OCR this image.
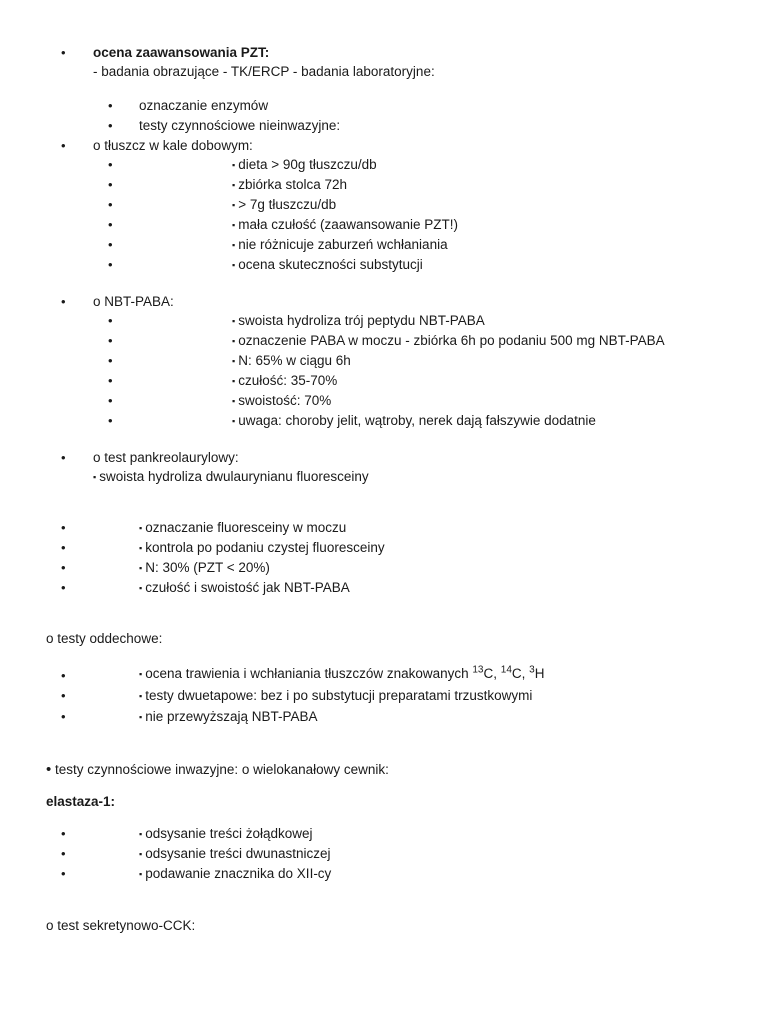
• ocena zaawansowania PZT:
- badania obrazujące - TK/ERCP - badania laboratoryjne:
• oznaczanie enzymów
• testy czynnościowe nieinwazyjne:
• o tłuszcz w kale dobowym:
•	▪ dieta > 90g tłuszczu/db
•	▪ zbiórka stolca 72h
•	▪ > 7g tłuszczu/db
•	▪ mała czułość (zaawansowanie PZT!)
•	▪ nie różnicuje zaburzeń wchłaniania
•	▪ ocena skuteczności substytucji
• o NBT-PABA:
•	▪ swoista hydroliza trój peptydu NBT-PABA
•	▪ oznaczenie PABA w moczu - zbiórka 6h po podaniu 500 mg NBT-PABA
•	▪ N: 65% w ciągu 6h
•	▪ czułość: 35-70%
•	▪ swoistość: 70%
•	▪ uwaga: choroby jelit, wątroby, nerek dają fałszywie dodatnie
• o test pankreolaurylowy:
▪ swoista hydroliza dwulaurynianu fluoresceiny
•	▪ oznaczanie fluoresceiny w moczu
•	▪ kontrola po podaniu czystej fluoresceiny
•	▪ N: 30% (PZT < 20%)
•	▪ czułość i swoistość jak NBT-PABA
o testy oddechowe:
•	▪ ocena trawienia i wchłaniania tłuszczów znakowanych $^{13}$C, $^{14}$C, $^3$H
•	▪ testy dwuetapowe: bez i po substytucji preparatami trzustkowymi
•	▪ nie przewyższają NBT-PABA
• testy czynnościowe inwazyjne: o wielokanałowy cewnik:
elastaza-1:
•	▪ odsysanie treści żołądkowej
•	▪ odsysanie treści dwunastniczej
•	▪ podawanie znacznika do XII-cy
o test sekretynowo-CCK:
